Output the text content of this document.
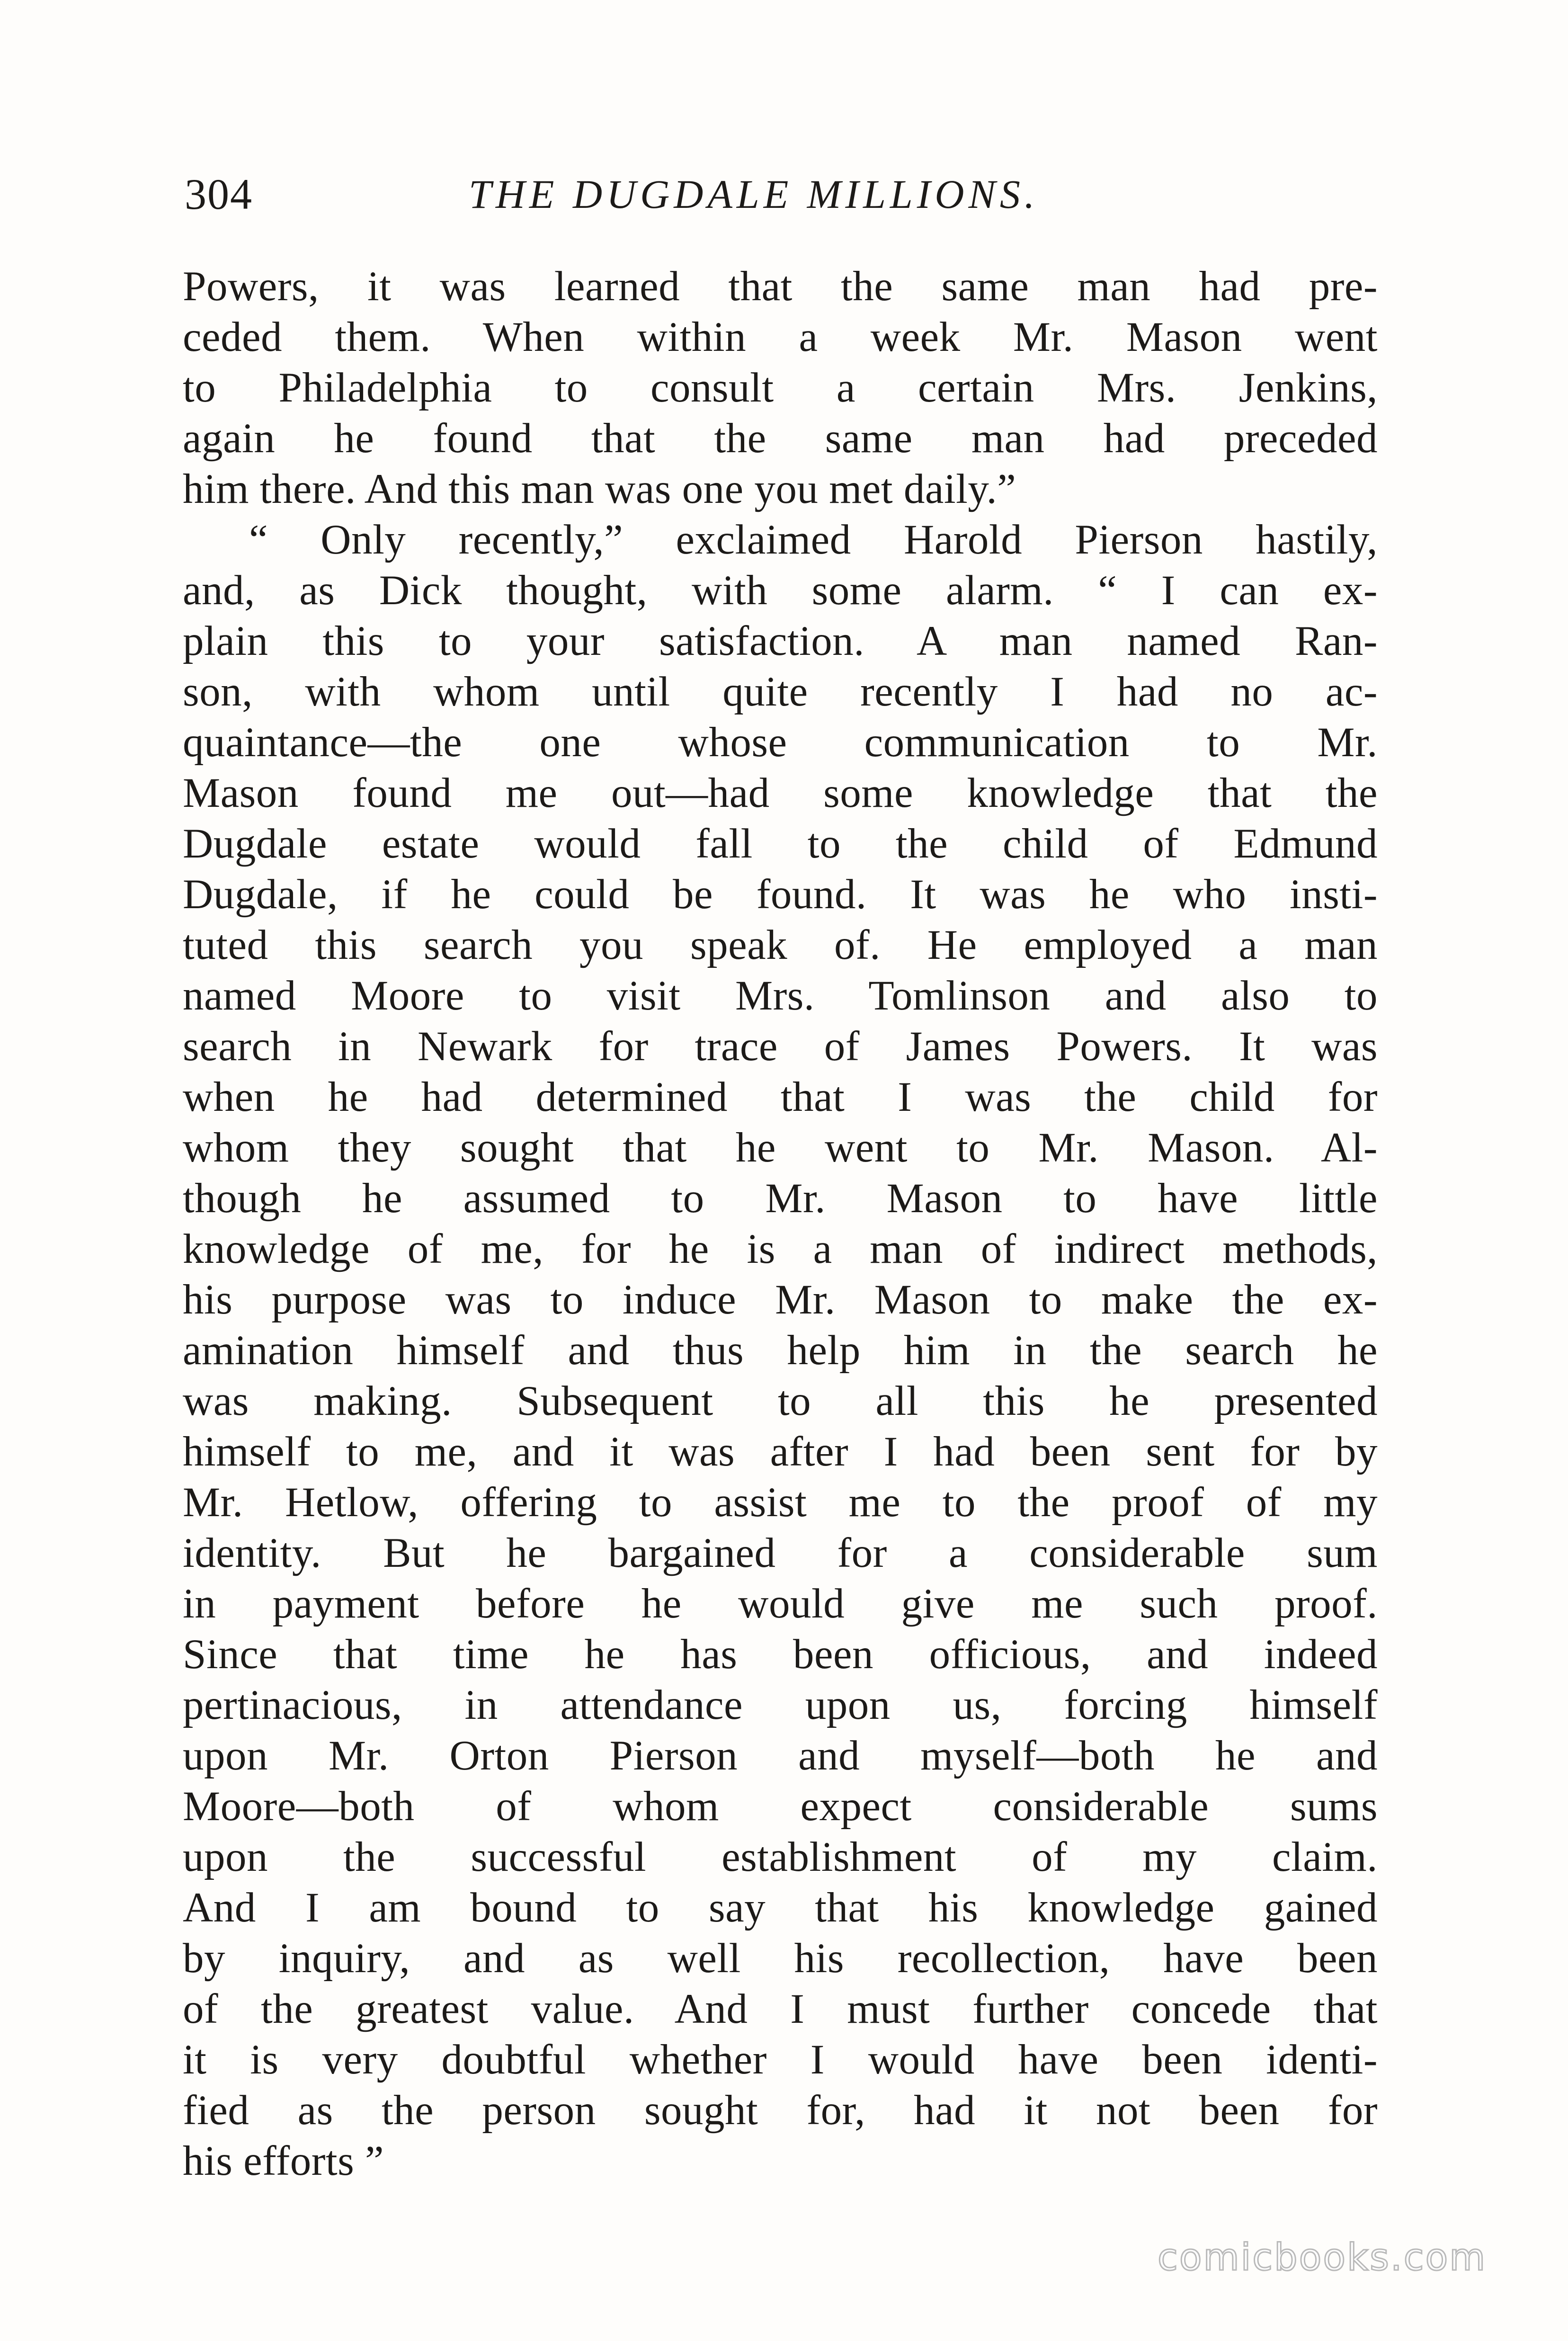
304	THE DUGDALE MILLIONS.
Powers, it was learned that the same man had pre-
ceded them. When within a week Mr. Mason went
to Philadelphia to consult a certain Mrs. Jenkins,
again he found that the same man had preceded
him there. And this man was one you met daily.”
“ Only recently,” exclaimed Harold Pierson hastily,
and, as Dick thought, with some alarm. “ I can ex-
plain this to your satisfaction. A man named Ran-
son, with whom until quite recently I had no ac-
quaintance—the one whose communication to Mr.
Mason found me out—had some knowledge that the
Dugdale estate would fall to the child of Edmund
Dugdale, if he could be found. It was he who insti-
tuted this search you speak of. He employed a man
named Moore to visit Mrs. Tomlinson and also to
search in Newark for trace of James Powers. It was
when he had determined that I was the child for
whom they sought that he went to Mr. Mason. Al-
though he assumed to Mr. Mason to have little
knowledge of me, for he is a man of indirect methods,
his purpose was to induce Mr. Mason to make the ex-
amination himself and thus help him in the search he
was making. Subsequent to all this he presented
himself to me, and it was after I had been sent for by
Mr. Hetlow, offering to assist me to the proof of my
identity. But he bargained for a considerable sum
in payment before he would give me such proof.
Since that time he has been officious, and indeed
pertinacious, in attendance upon us, forcing himself
upon Mr. Orton Pierson and myself—both he and
Moore—both of whom expect considerable sums
upon the successful establishment of my claim.
And I am bound to say that his knowledge gained
by inquiry, and as well his recollection, have been
of the greatest value. And I must further concede that
it is very doubtful whether I would have been identi-
fied as the person sought for, had it not been for
his efforts ”
comicbooks.com
